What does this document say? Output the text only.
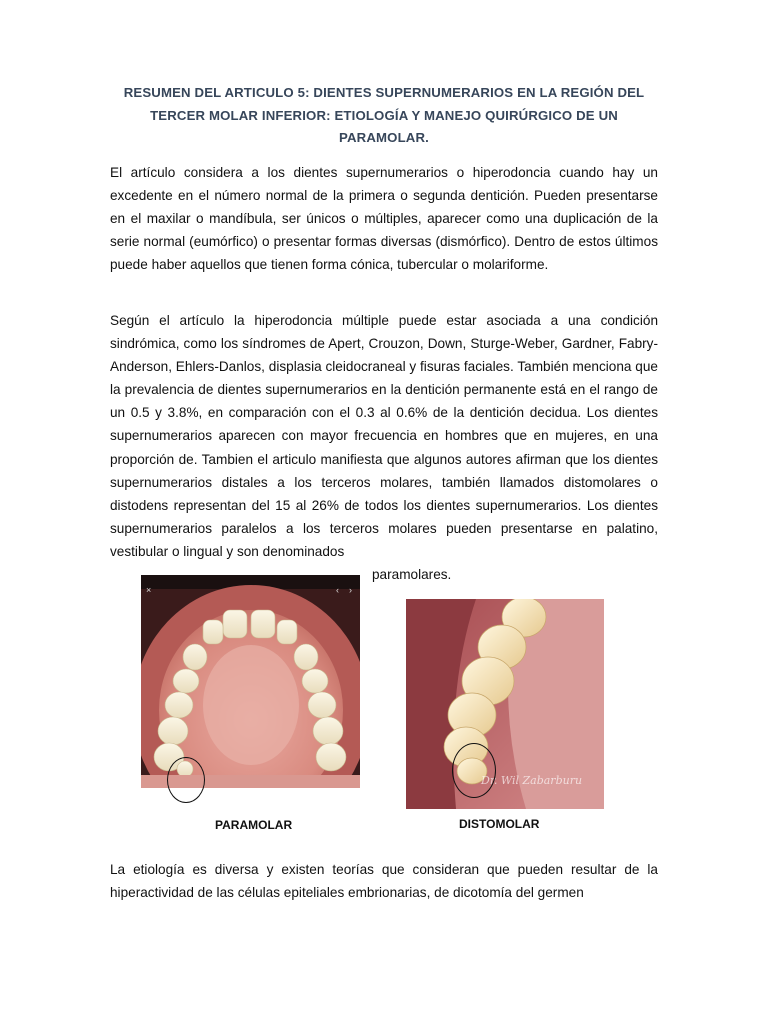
RESUMEN DEL ARTICULO 5: DIENTES SUPERNUMERARIOS EN LA REGIÓN DEL TERCER MOLAR INFERIOR: ETIOLOGÍA Y MANEJO QUIRÚRGICO DE UN PARAMOLAR.

El artículo considera a los dientes supernumerarios o hiperodoncia cuando hay un excedente en el número normal de la primera o segunda dentición. Pueden presentarse en el maxilar o mandíbula, ser únicos o múltiples, aparecer como una duplicación de la serie normal (eumórfico) o presentar formas diversas (dismórfico). Dentro de estos últimos puede haber aquellos que tienen forma cónica, tubercular o molariforme.

Según el artículo la hiperodoncia múltiple puede estar asociada a una condición sindrómica, como los síndromes de Apert, Crouzon, Down, Sturge-Weber, Gardner, Fabry-Anderson, Ehlers-Danlos, displasia cleidocraneal y fisuras faciales. También menciona que la prevalencia de dientes supernumerarios en la dentición permanente está en el rango de un 0.5 y 3.8%, en comparación con el 0.3 al 0.6% de la dentición decidua. Los dientes supernumerarios aparecen con mayor frecuencia en hombres que en mujeres, en una proporción de. Tambien el articulo manifiesta que algunos autores afirman que los dientes supernumerarios distales a los terceros molares, también llamados distomolares o distodens representan del 15 al 26% de todos los dientes supernumerarios. Los dientes supernumerarios paralelos a los terceros molares pueden presentarse en palatino, vestibular o lingual y son denominados

paramolares.

×	‹ ›
PARAMOLAR
Dr. Wil Zabarburu
DISTOMOLAR

La etiología es diversa y existen teorías que consideran que pueden resultar de la hiperactividad de las células epiteliales embrionarias, de dicotomía del germen
